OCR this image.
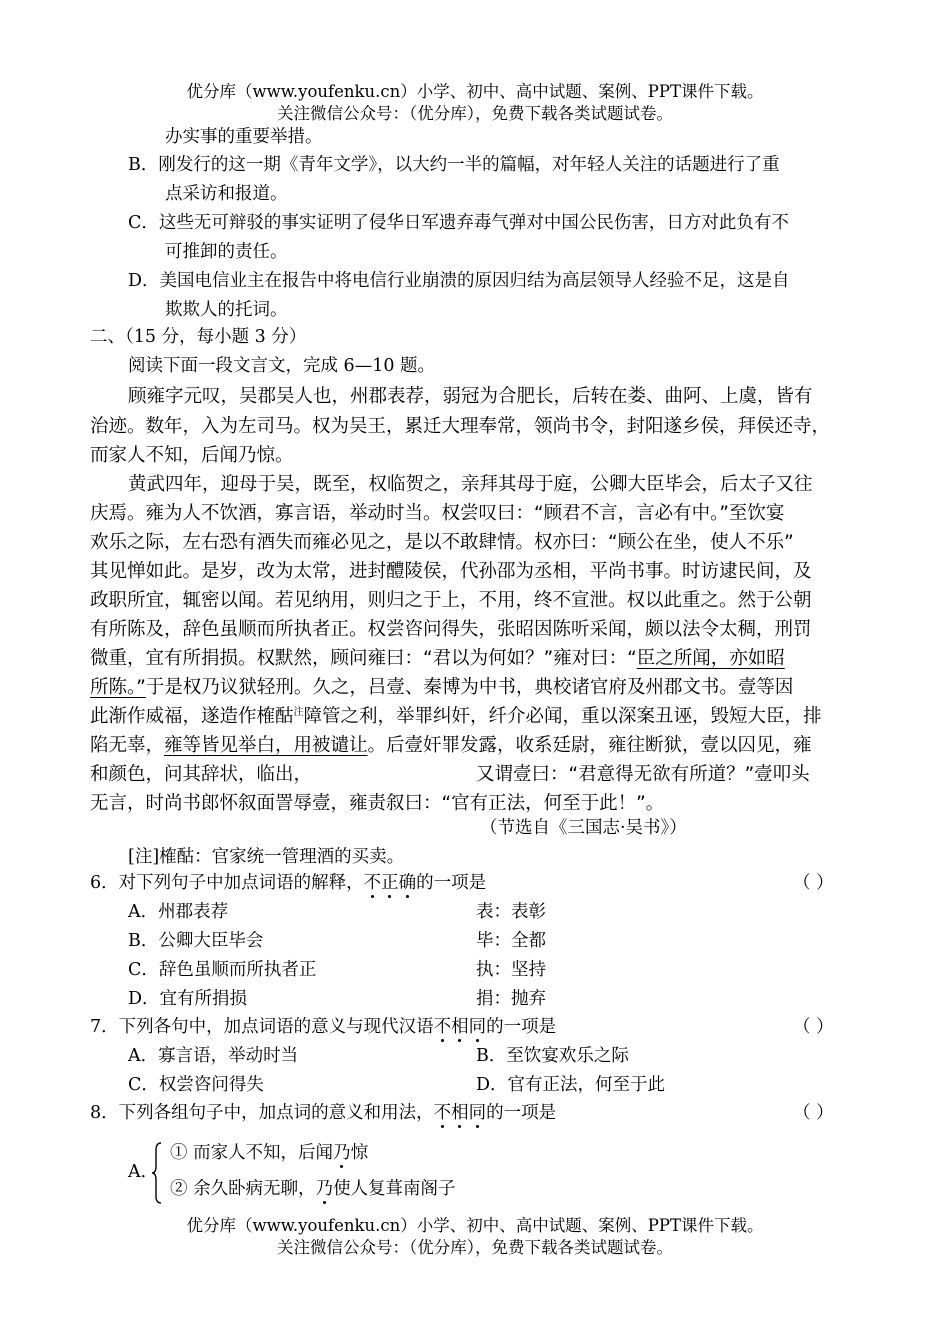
优分库（www.youfenku.cn）小学、初中、高中试题、案例、PPT课件下载。
关注微信公众号：（优分库），免费下载各类试题试卷。
办实事的重要举措。
B．刚发行的这一期《青年文学》，以大约一半的篇幅，对年轻人关注的话题进行了重
点采访和报道。
C．这些无可辩驳的事实证明了侵华日军遗弃毒气弹对中国公民伤害，日方对此负有不
可推卸的责任。
D．美国电信业主在报告中将电信行业崩溃的原因归结为高层领导人经验不足，这是自
欺欺人的托词。
二、（15 分，每小题 3 分）
阅读下面一段文言文，完成 6—10 题。
顾雍字元叹，吴郡吴人也，州郡表荐，弱冠为合肥长，后转在娄、曲阿、上虞，皆有
治迹。数年，入为左司马。权为吴王，累迁大理奉常，领尚书令，封阳遂乡侯，拜侯还寺，
而家人不知，后闻乃惊。
黄武四年，迎母于吴，既至，权临贺之，亲拜其母于庭，公卿大臣毕会，后太子又往
庆焉。雍为人不饮酒，寡言语，举动时当。权尝叹曰：“顾君不言，言必有中。”至饮宴
欢乐之际，左右恐有酒失而雍必见之，是以不敢肆情。权亦曰：“顾公在坐，使人不乐”
其见惮如此。是岁，改为太常，进封醴陵侯，代孙邵为丞相，平尚书事。时访逮民间，及
政职所宜，辄密以闻。若见纳用，则归之于上，不用，终不宣泄。权以此重之。然于公朝
有所陈及，辞色虽顺而所执者正。权尝咨问得失，张昭因陈听采闻，颇以法令太稠，刑罚
微重，宜有所捐损。权默然，顾问雍曰：“君以为何如？”雍对曰：“臣之所闻，亦如昭
所陈。”于是权乃议狱轻刑。久之，吕壹、秦博为中书，典校诸官府及州郡文书。壹等因
此渐作威福，遂造作榷酤$^注$障管之利，举罪纠奸，纤介必闻，重以深案丑诬，毁短大臣，排
陷无辜，雍等皆见举白，用被谴让。后壹奸罪发露，收系廷尉，雍往断狱，壹以囚见，雍
和颜色，问其辞状，临出，	又谓壹曰：“君意得无欲有所道？”壹叩头
无言，时尚书郎怀叙面詈辱壹，雍责叙曰：“官有正法，何至于此！”。
（节选自《三国志·吴书》）
[注]榷酤：官家统一管理酒的买卖。
6．对下列句子中加点词语的解释，不正确的一项是	（ ）
A．州郡表荐	表：表彰
B．公卿大臣毕会	毕：全都
C．辞色虽顺而所执者正	执：坚持
D．宜有所捐损	捐：抛弃
7．下列各句中，加点词语的意义与现代汉语不相同的一项是	（ ）
A．寡言语，举动时当	B．至饮宴欢乐之际
C．权尝咨问得失	D．官有正法，何至于此
8．下列各组句子中，加点词的意义和用法，不相同的一项是	（ ）
A．
① 而家人不知，后闻乃惊
② 余久卧病无聊，乃使人复葺南阁子
优分库（www.youfenku.cn）小学、初中、高中试题、案例、PPT课件下载。
关注微信公众号：（优分库），免费下载各类试题试卷。
